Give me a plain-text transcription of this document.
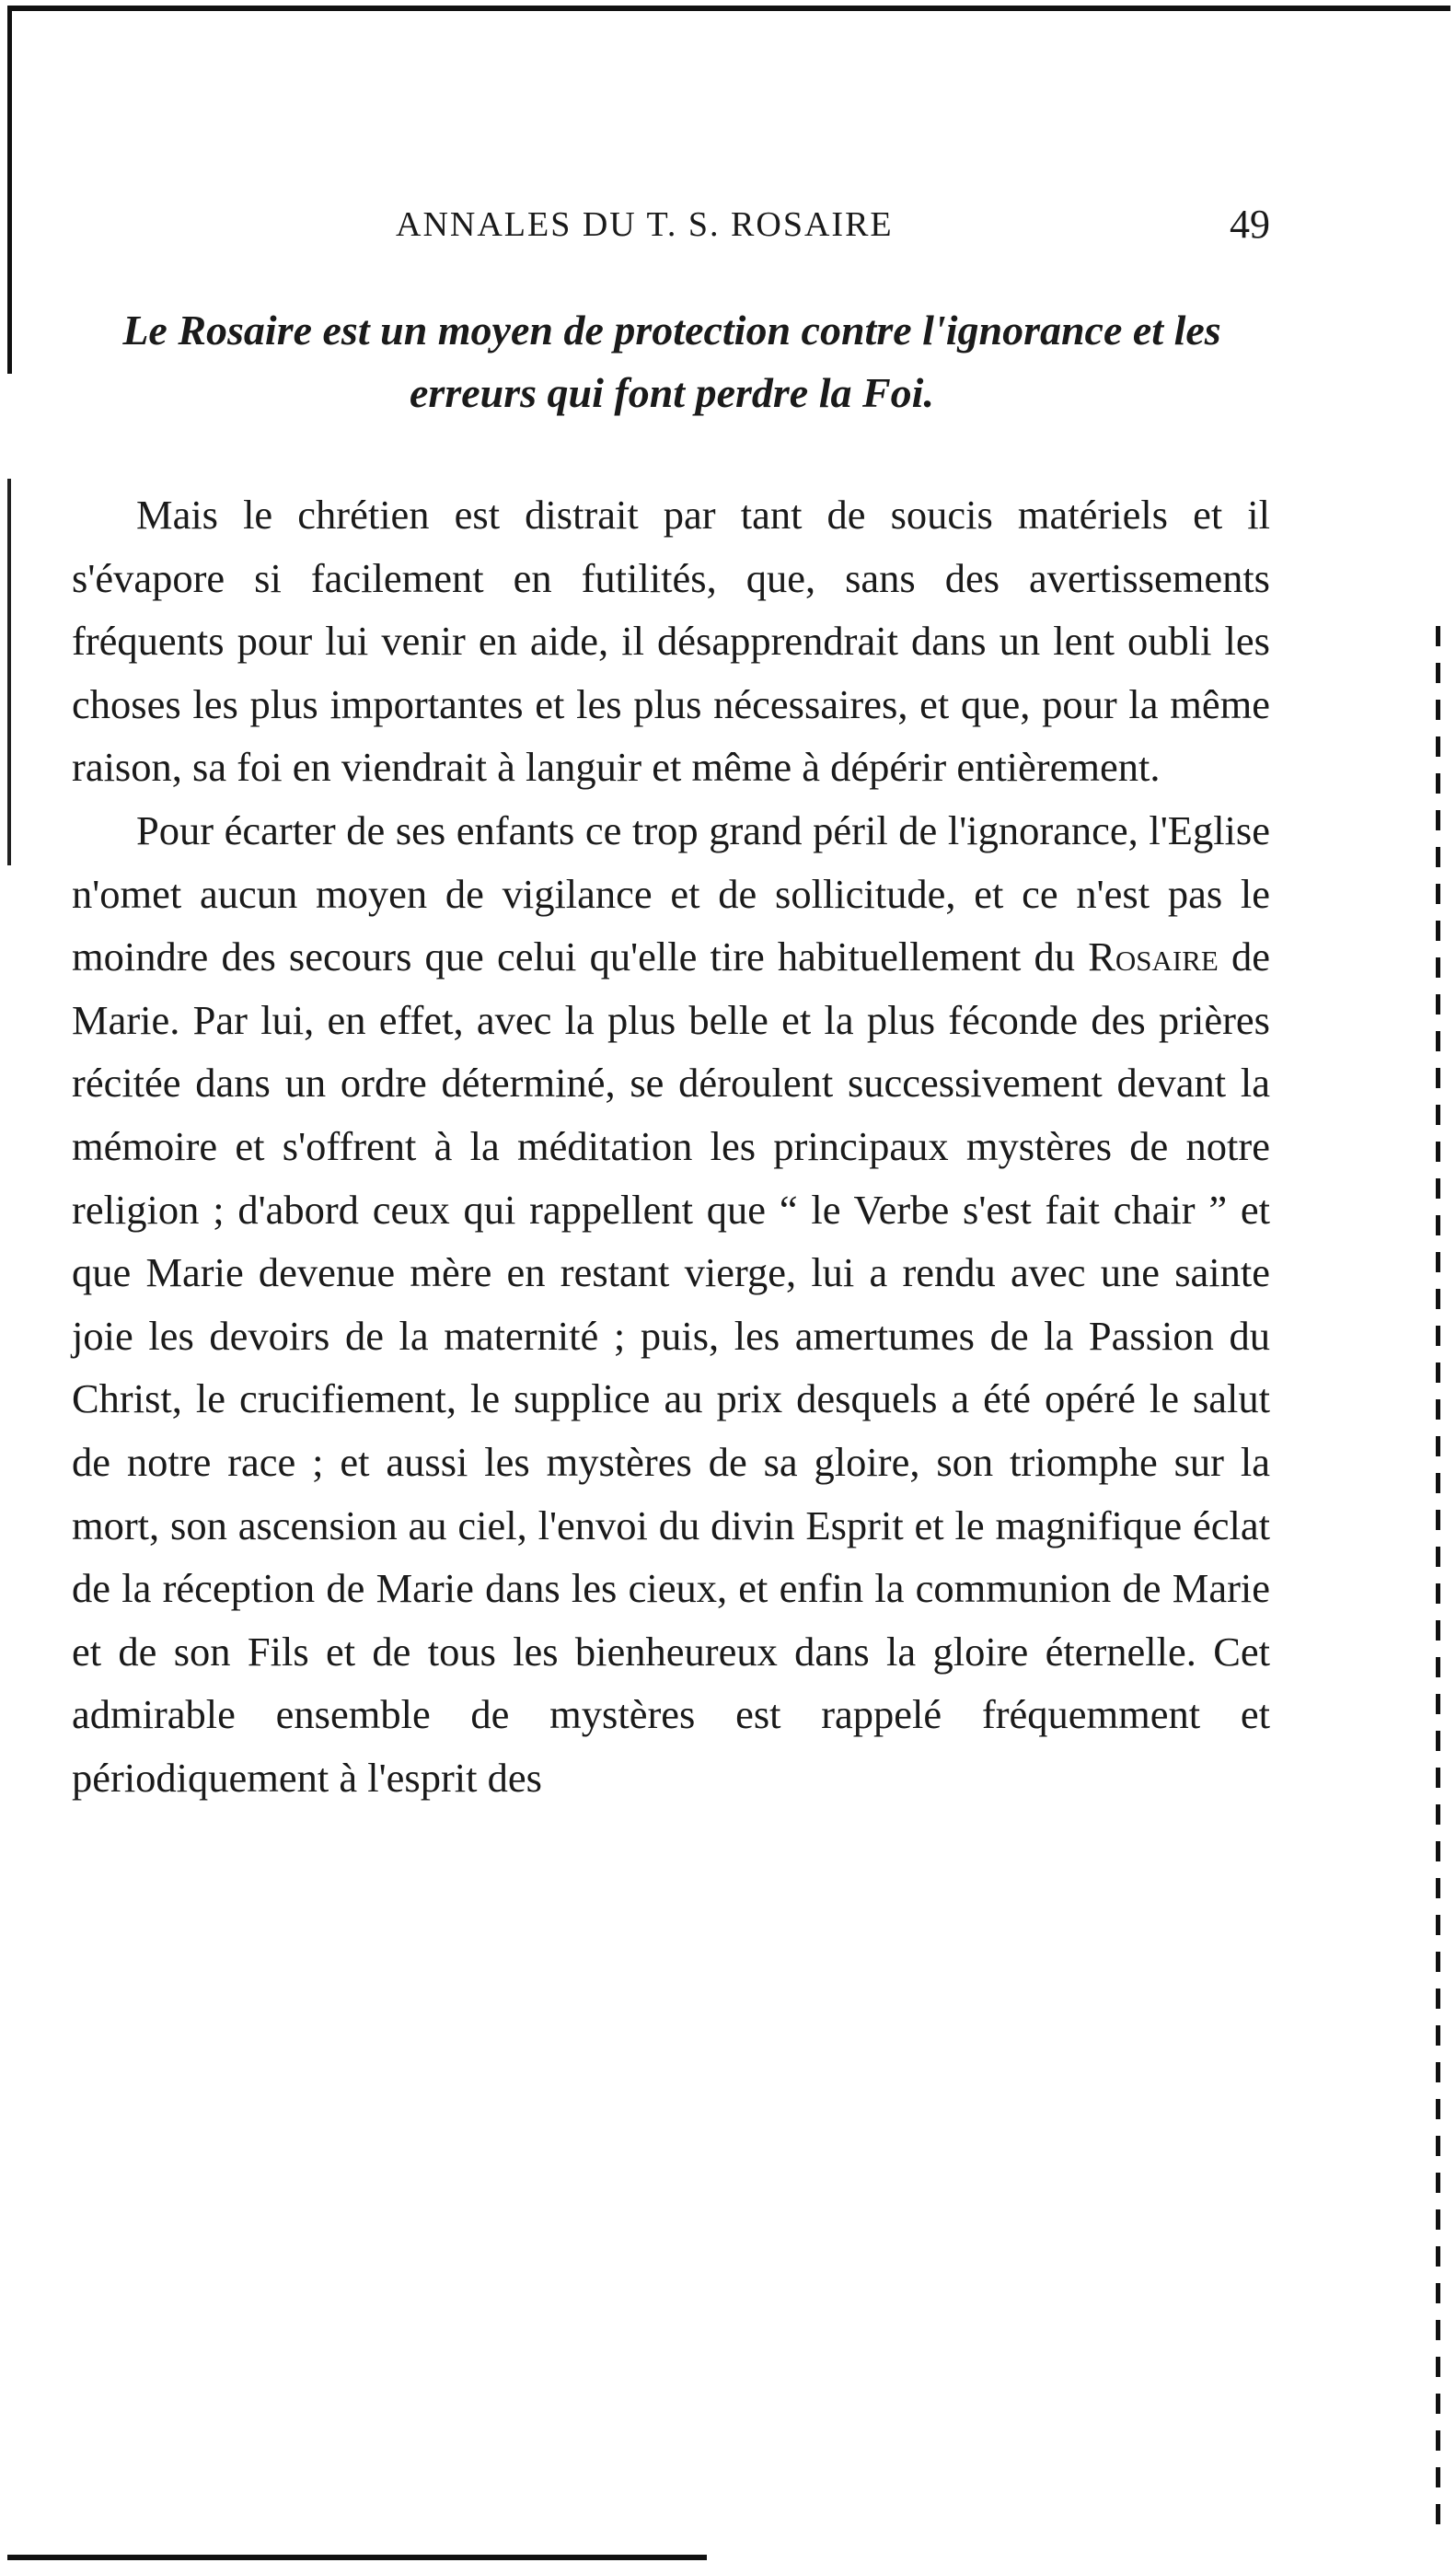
ANNALES DU T. S. ROSAIRE	49
Le Rosaire est un moyen de protection contre l'ignorance et les erreurs qui font perdre la Foi.

Mais le chrétien est distrait par tant de soucis matériels et il s'évapore si facilement en futilités, que, sans des avertissements fréquents pour lui venir en aide, il désapprendrait dans un lent oubli les choses les plus importantes et les plus nécessaires, et que, pour la même raison, sa foi en viendrait à languir et même à dépérir entièrement.

Pour écarter de ses enfants ce trop grand péril de l'ignorance, l'Eglise n'omet aucun moyen de vigilance et de sollicitude, et ce n'est pas le moindre des secours que celui qu'elle tire habituellement du Rosaire de Marie. Par lui, en effet, avec la plus belle et la plus féconde des prières récitée dans un ordre déterminé, se déroulent successivement devant la mémoire et s'offrent à la méditation les principaux mystères de notre religion ; d'abord ceux qui rappellent que “ le Verbe s'est fait chair ” et que Marie devenue mère en restant vierge, lui a rendu avec une sainte joie les devoirs de la maternité ; puis, les amertumes de la Passion du Christ, le crucifiement, le supplice au prix desquels a été opéré le salut de notre race ; et aussi les mystères de sa gloire, son triomphe sur la mort, son ascension au ciel, l'envoi du divin Esprit et le magnifique éclat de la réception de Marie dans les cieux, et enfin la communion de Marie et de son Fils et de tous les bienheureux dans la gloire éternelle. Cet admirable ensemble de mystères est rappelé fréquemment et périodiquement à l'esprit des
